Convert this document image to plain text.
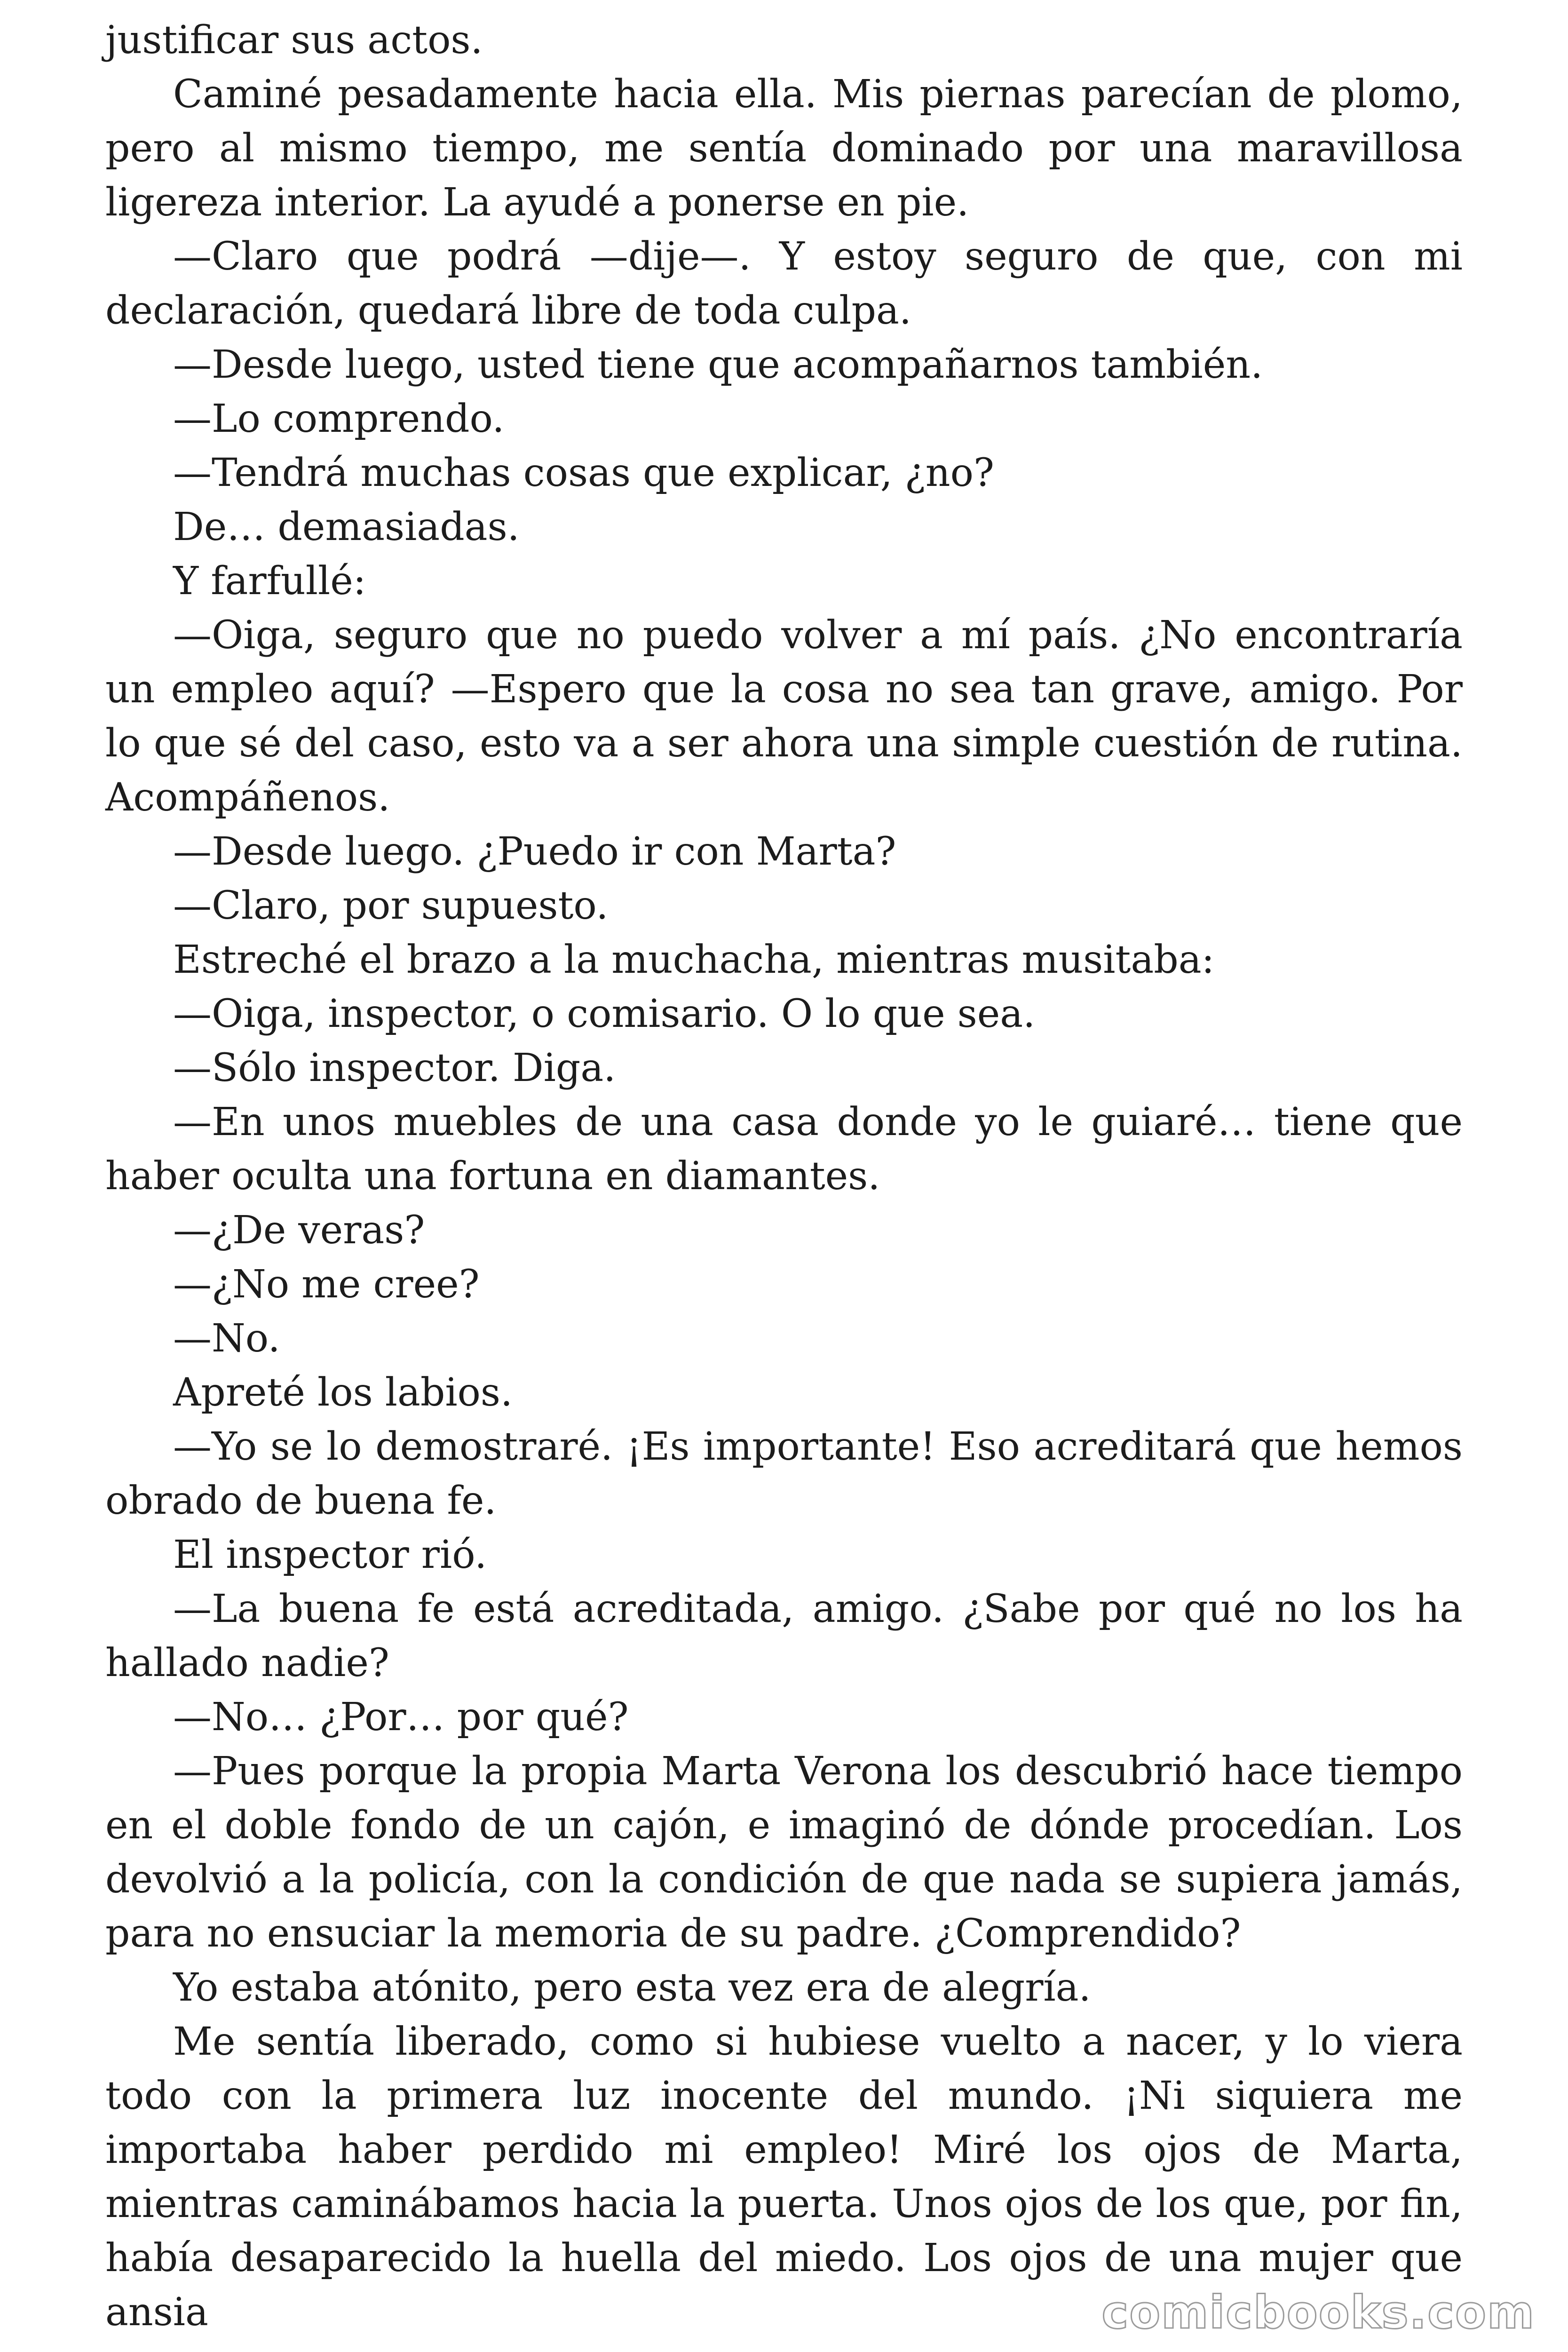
justificar sus actos.

Caminé pesadamente hacia ella. Mis piernas parecían de plomo, pero al mismo tiempo, me sentía dominado por una maravillosa ligereza interior. La ayudé a ponerse en pie.

—Claro que podrá —dije—. Y estoy seguro de que, con mi declaración, quedará libre de toda culpa.

—Desde luego, usted tiene que acompañarnos también.

—Lo comprendo.

—Tendrá muchas cosas que explicar, ¿no?

De… demasiadas.

Y farfullé:

—Oiga, seguro que no puedo volver a mí país. ¿No encontraría un empleo aquí? —Espero que la cosa no sea tan grave, amigo. Por lo que sé del caso, esto va a ser ahora una simple cuestión de rutina. Acompáñenos.

—Desde luego. ¿Puedo ir con Marta?

—Claro, por supuesto.

Estreché el brazo a la muchacha, mientras musitaba:

—Oiga, inspector, o comisario. O lo que sea.

—Sólo inspector. Diga.

—En unos muebles de una casa donde yo le guiaré… tiene que haber oculta una fortuna en diamantes.

—¿De veras?

—¿No me cree?

—No.

Apreté los labios.

—Yo se lo demostraré. ¡Es importante! Eso acreditará que hemos obrado de buena fe.

El inspector rió.

—La buena fe está acreditada, amigo. ¿Sabe por qué no los ha hallado nadie?

—No… ¿Por… por qué?

—Pues porque la propia Marta Verona los descubrió hace tiempo en el doble fondo de un cajón, e imaginó de dónde procedían. Los devolvió a la policía, con la condición de que nada se supiera jamás, para no ensuciar la memoria de su padre. ¿Comprendido?

Yo estaba atónito, pero esta vez era de alegría.

Me sentía liberado, como si hubiese vuelto a nacer, y lo viera todo con la primera luz inocente del mundo. ¡Ni siquiera me importaba haber perdido mi empleo! Miré los ojos de Marta, mientras caminábamos hacia la puerta. Unos ojos de los que, por fin, había desaparecido la huella del miedo. Los ojos de una mujer que ansia	comicbooks.com
